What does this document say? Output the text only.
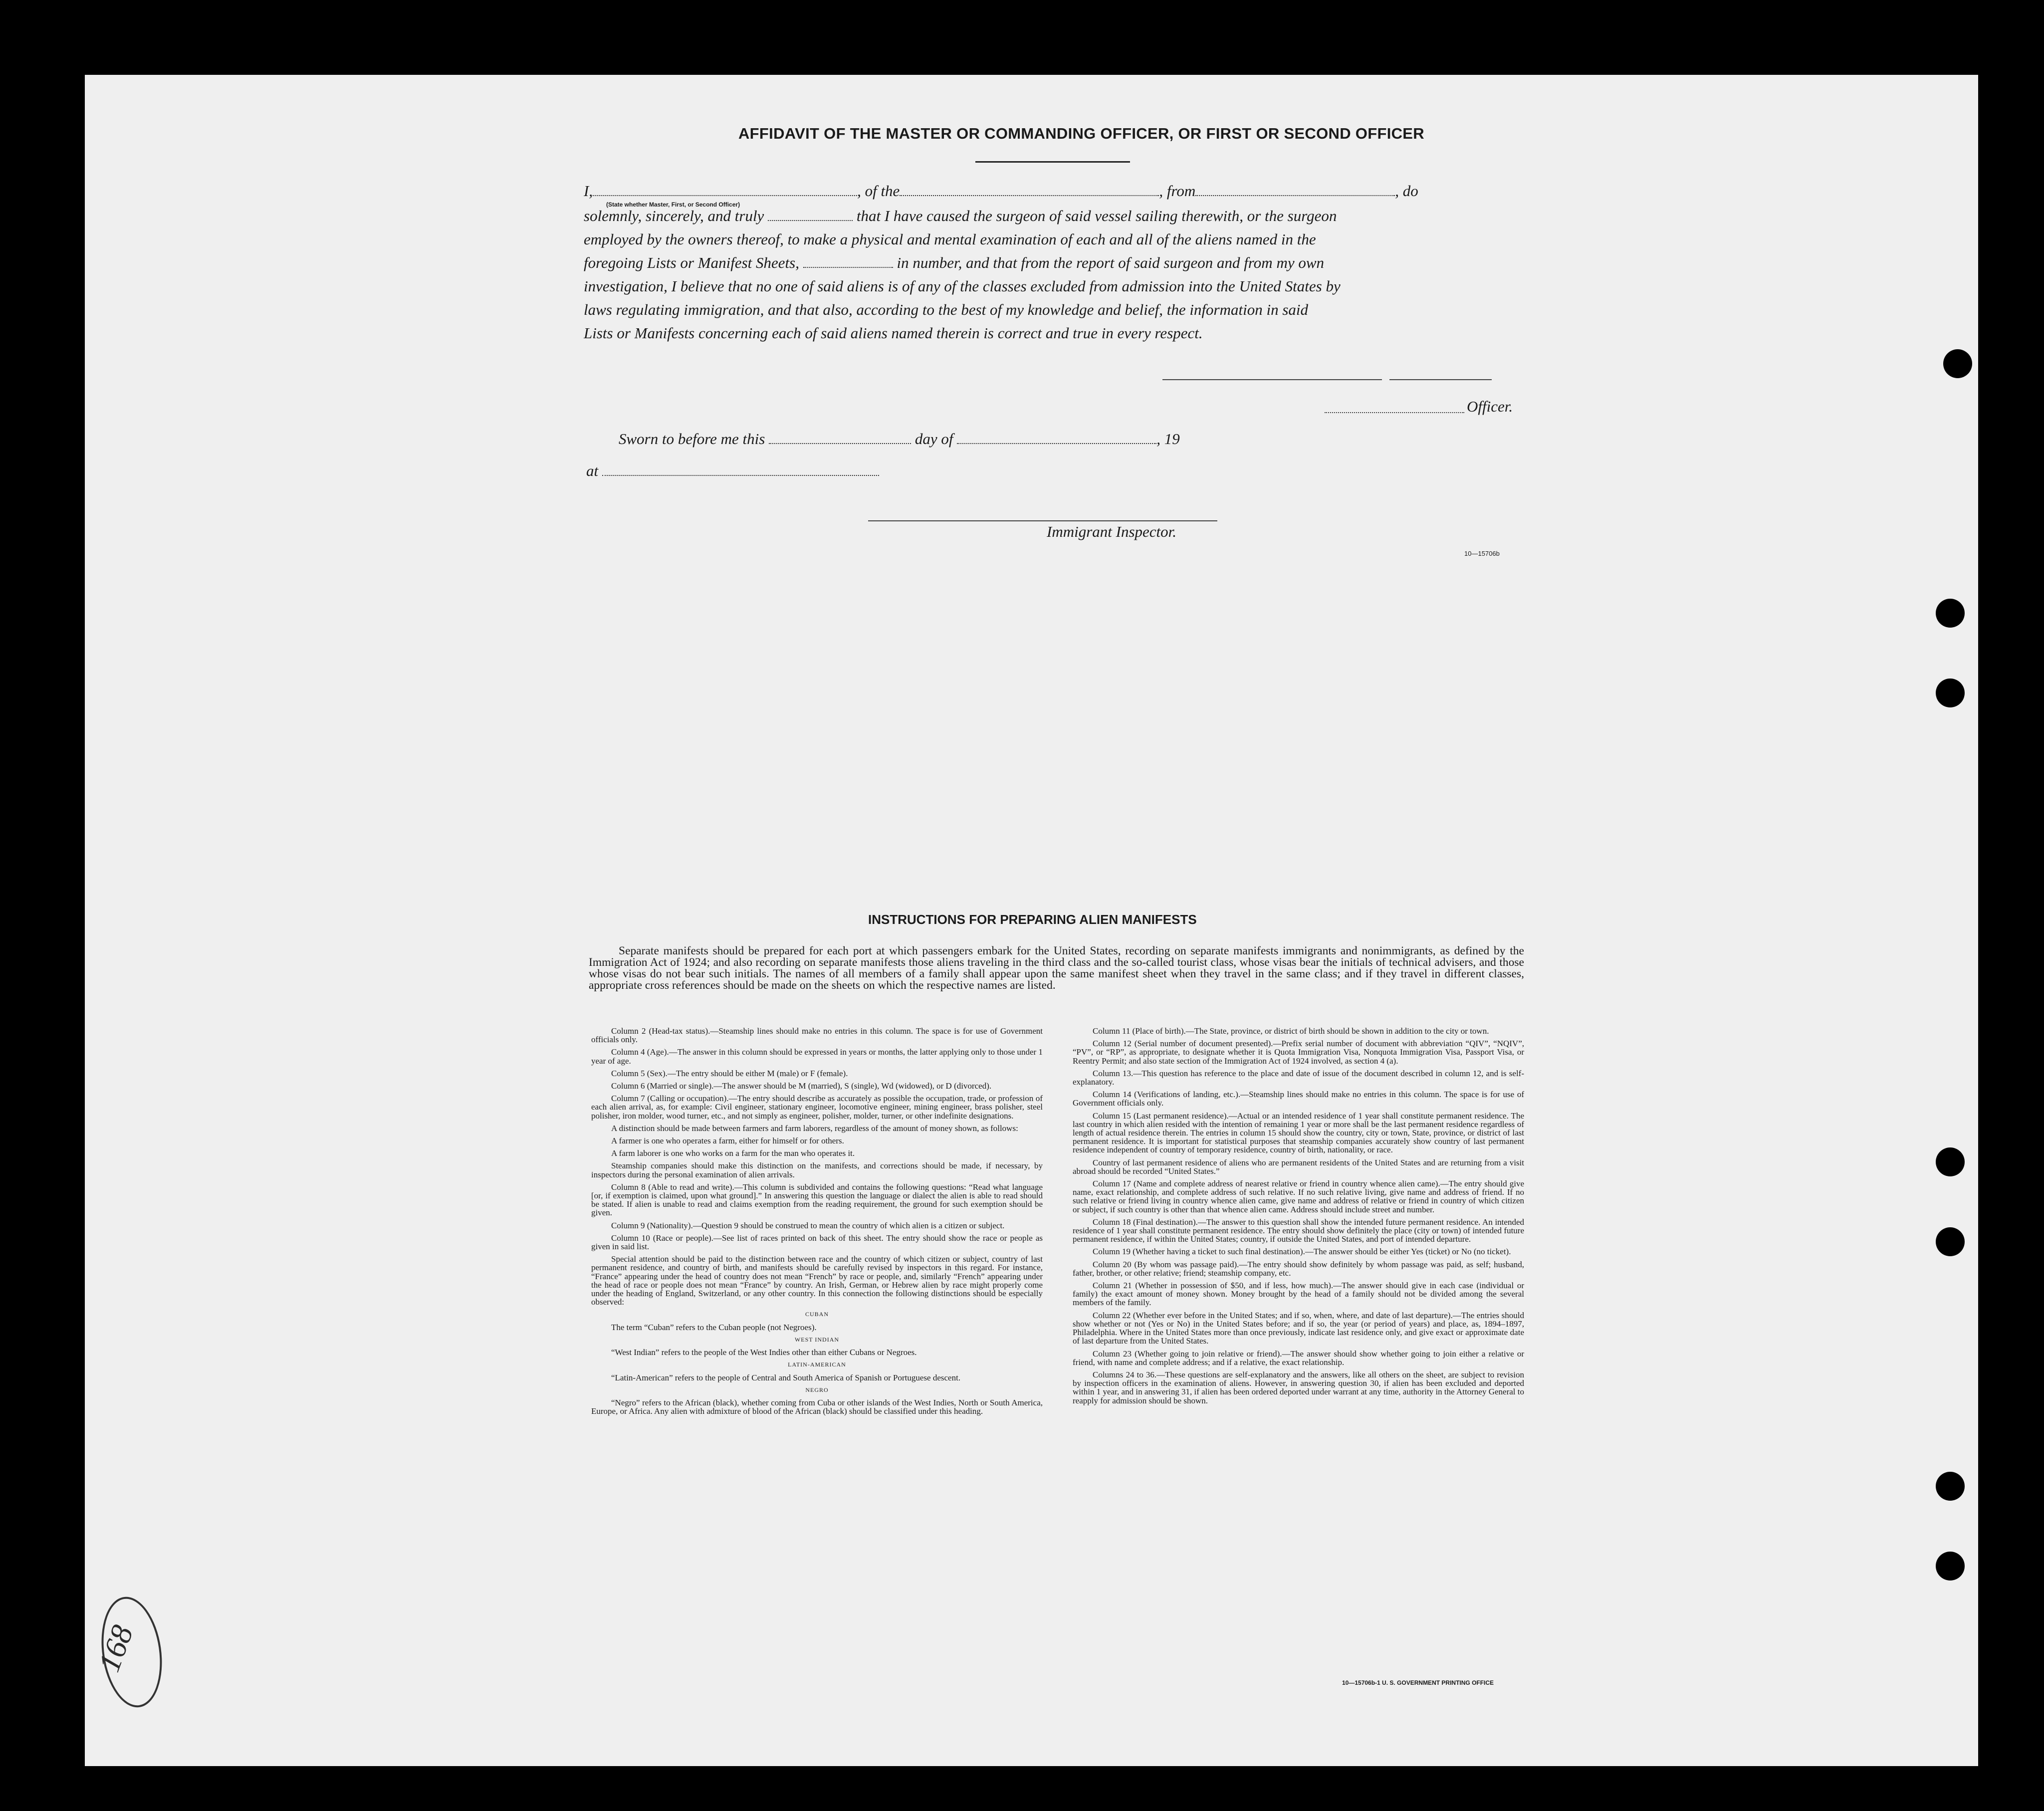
AFFIDAVIT OF THE MASTER OR COMMANDING OFFICER, OR FIRST OR SECOND OFFICER
I,	, of the	, from	, do
(State whether Master, First, or Second Officer)
solemnly, sincerely, and truly	that I have caused the surgeon of said vessel sailing therewith, or the surgeon
employed by the owners thereof, to make a physical and mental examination of each and all of the aliens named in the
foregoing Lists or Manifest Sheets,	in number, and that from the report of said surgeon and from my own
investigation, I believe that no one of said aliens is of any of the classes excluded from admission into the United States by
laws regulating immigration, and that also, according to the best of my knowledge and belief, the information in said
Lists or Manifests concerning each of said aliens named therein is correct and true in every respect.
Officer.
Sworn to before me this	day of	, 19
at
Immigrant Inspector.
10—15706b
INSTRUCTIONS FOR PREPARING ALIEN MANIFESTS
Separate manifests should be prepared for each port at which passengers embark for the United States, recording on separate manifests immigrants and nonimmigrants, as defined by the Immigration Act of 1924; and also recording on separate manifests those aliens traveling in the third class and the so-called tourist class, whose visas bear the initials of technical advisers, and those whose visas do not bear such initials. The names of all members of a family shall appear upon the same manifest sheet when they travel in the same class; and if they travel in different classes, appropriate cross references should be made on the sheets on which the respective names are listed.

Column 2 (Head-tax status).—Steamship lines should make no entries in this column. The space is for use of Government officials only.

Column 4 (Age).—The answer in this column should be expressed in years or months, the latter applying only to those under 1 year of age.

Column 5 (Sex).—The entry should be either M (male) or F (female).

Column 6 (Married or single).—The answer should be M (married), S (single), Wd (widowed), or D (divorced).

Column 7 (Calling or occupation).—The entry should describe as accurately as possible the occupation, trade, or profession of each alien arrival, as, for example: Civil engineer, stationary engineer, locomotive engineer, mining engineer, brass polisher, steel polisher, iron molder, wood turner, etc., and not simply as engineer, polisher, molder, turner, or other indefinite designations.

A distinction should be made between farmers and farm laborers, regardless of the amount of money shown, as follows:

A farmer is one who operates a farm, either for himself or for others.

A farm laborer is one who works on a farm for the man who operates it.

Steamship companies should make this distinction on the manifests, and corrections should be made, if necessary, by inspectors during the personal examination of alien arrivals.

Column 8 (Able to read and write).—This column is subdivided and contains the following questions: “Read what language [or, if exemption is claimed, upon what ground].” In answering this question the language or dialect the alien is able to read should be stated. If alien is unable to read and claims exemption from the reading requirement, the ground for such exemption should be given.

Column 9 (Nationality).—Question 9 should be construed to mean the country of which alien is a citizen or subject.

Column 10 (Race or people).—See list of races printed on back of this sheet. The entry should show the race or people as given in said list.

Special attention should be paid to the distinction between race and the country of which citizen or subject, country of last permanent residence, and country of birth, and manifests should be carefully revised by inspectors in this regard. For instance, “France” appearing under the head of country does not mean “French” by race or people, and, similarly “French” appearing under the head of race or people does not mean “France” by country. An Irish, German, or Hebrew alien by race might properly come under the heading of England, Switzerland, or any other country. In this connection the following distinctions should be especially observed:

CUBAN

The term “Cuban” refers to the Cuban people (not Negroes).

WEST INDIAN

“West Indian” refers to the people of the West Indies other than either Cubans or Negroes.

LATIN-AMERICAN

“Latin-American” refers to the people of Central and South America of Spanish or Portuguese descent.

NEGRO

“Negro” refers to the African (black), whether coming from Cuba or other islands of the West Indies, North or South America, Europe, or Africa. Any alien with admixture of blood of the African (black) should be classified under this heading.

Column 11 (Place of birth).—The State, province, or district of birth should be shown in addition to the city or town.

Column 12 (Serial number of document presented).—Prefix serial number of document with abbreviation “QIV”, “NQIV”, “PV”, or “RP”, as appropriate, to designate whether it is Quota Immigration Visa, Nonquota Immigration Visa, Passport Visa, or Reentry Permit; and also state section of the Immigration Act of 1924 involved, as section 4 (a).

Column 13.—This question has reference to the place and date of issue of the document described in column 12, and is self-explanatory.

Column 14 (Verifications of landing, etc.).—Steamship lines should make no entries in this column. The space is for use of Government officials only.

Column 15 (Last permanent residence).—Actual or an intended residence of 1 year shall constitute permanent residence. The last country in which alien resided with the intention of remaining 1 year or more shall be the last permanent residence regardless of length of actual residence therein. The entries in column 15 should show the country, city or town, State, province, or district of last permanent residence. It is important for statistical purposes that steamship companies accurately show country of last permanent residence independent of country of temporary residence, country of birth, nationality, or race.

Country of last permanent residence of aliens who are permanent residents of the United States and are returning from a visit abroad should be recorded “United States.”

Column 17 (Name and complete address of nearest relative or friend in country whence alien came).—The entry should give name, exact relationship, and complete address of such relative. If no such relative living, give name and address of friend. If no such relative or friend living in country whence alien came, give name and address of relative or friend in country of which citizen or subject, if such country is other than that whence alien came. Address should include street and number.

Column 18 (Final destination).—The answer to this question shall show the intended future permanent residence. An intended residence of 1 year shall constitute permanent residence. The entry should show definitely the place (city or town) of intended future permanent residence, if within the United States; country, if outside the United States, and port of intended departure.

Column 19 (Whether having a ticket to such final destination).—The answer should be either Yes (ticket) or No (no ticket).

Column 20 (By whom was passage paid).—The entry should show definitely by whom passage was paid, as self; husband, father, brother, or other relative; friend; steamship company, etc.

Column 21 (Whether in possession of $50, and if less, how much).—The answer should give in each case (individual or family) the exact amount of money shown. Money brought by the head of a family should not be divided among the several members of the family.

Column 22 (Whether ever before in the United States; and if so, when, where, and date of last departure).—The entries should show whether or not (Yes or No) in the United States before; and if so, the year (or period of years) and place, as, 1894–1897, Philadelphia. Where in the United States more than once previously, indicate last residence only, and give exact or approximate date of last departure from the United States.

Column 23 (Whether going to join relative or friend).—The answer should show whether going to join either a relative or friend, with name and complete address; and if a relative, the exact relationship.

Columns 24 to 36.—These questions are self-explanatory and the answers, like all others on the sheet, are subject to revision by inspection officers in the examination of aliens. However, in answering question 30, if alien has been excluded and deported within 1 year, and in answering 31, if alien has been ordered deported under warrant at any time, authority in the Attorney General to reapply for admission should be shown.

10—15706b-1 U. S. GOVERNMENT PRINTING OFFICE
168
